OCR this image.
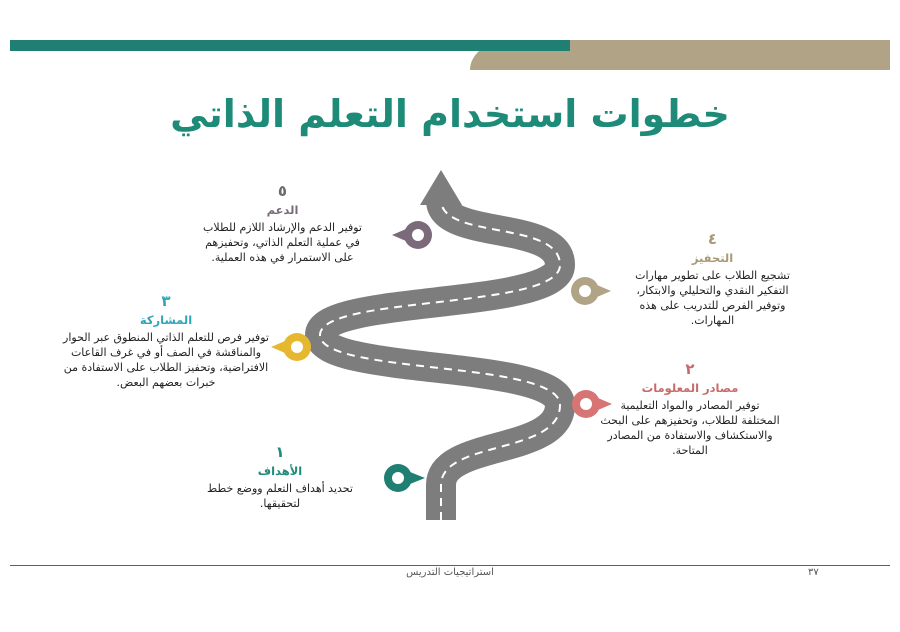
خطوات استخدام التعلم الذاتي
٥
الدعم
توفير الدعم والإرشاد اللازم للطلاب في عملية التعلم الذاتي، وتحفيزهم على الاستمرار في هذه العملية.
٤
التحفيز
تشجيع الطلاب على تطوير مهارات التفكير النقدي والتحليلي والابتكار، وتوفير الفرص للتدريب على هذه المهارات.
٣
المشاركة
توفير فرص للتعلم الذاتي المنطوق عبر الحوار والمناقشة في الصف أو في غرف القاعات الافتراضية، وتحفيز الطلاب على الاستفادة من خبرات بعضهم البعض.
٢
مصادر المعلومات
توفير المصادر والمواد التعليمية المختلفة للطلاب، وتحفيزهم على البحث والاستكشاف والاستفادة من المصادر المتاحة.
١
الأهداف
تحديد أهداف التعلم ووضع خطط لتحقيقها.
استراتيجيات التدريس	٣٧
